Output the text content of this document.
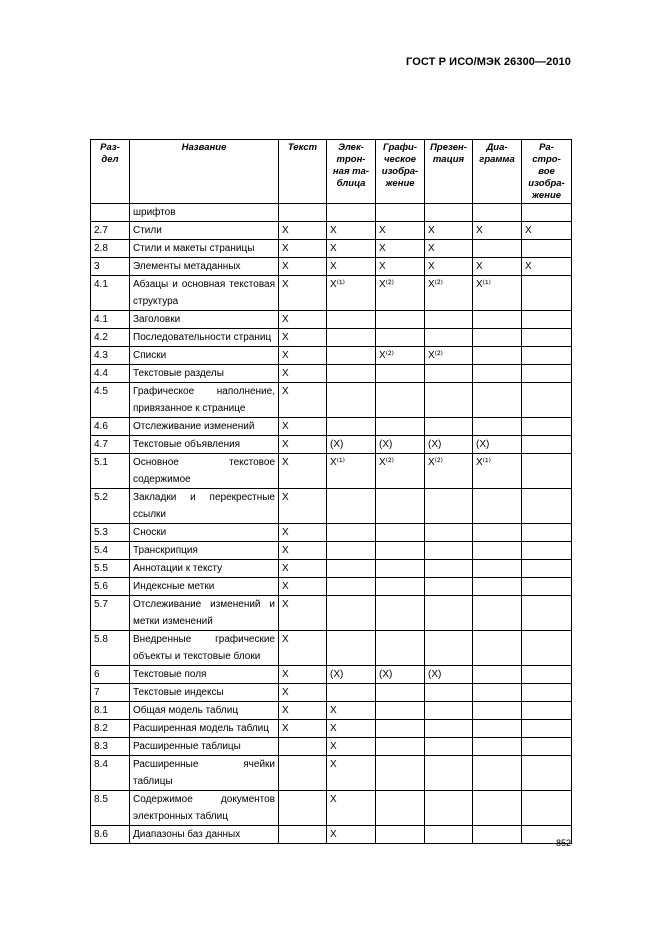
ГОСТ Р ИСО/МЭК 26300—2010
Раз-
дел	Название	Текст	Элек-
трон-
ная та-
блица	Графи-
ческое
изобра-
жение	Презен-
тация	Диа-
грамма	Ра-
стро-
вое
изобра-
жение
	шрифтов						
2.7	Стили	X	X	X	X	X	X
2.8	Стили и макеты страницы	X	X	X	X		
3	Элементы метаданных	X	X	X	X	X	X
4.1	Абзацы и основная текстовая структура	X	X⁽¹⁾	X⁽²⁾	X⁽²⁾	X⁽¹⁾	
4.1	Заголовки	X					
4.2	Последовательности страниц	X					
4.3	Списки	X		X⁽²⁾	X⁽²⁾		
4.4	Текстовые разделы	X					
4.5	Графическое наполнение, привязанное к странице	X					
4.6	Отслеживание изменений	X					
4.7	Текстовые объявления	X	(X)	(X)	(X)	(X)	
5.1	Основное текстовое содержимое	X	X⁽¹⁾	X⁽²⁾	X⁽²⁾	X⁽¹⁾	
5.2	Закладки и перекрестные ссылки	X					
5.3	Сноски	X					
5.4	Транскрипция	X					
5.5	Аннотации к тексту	X					
5.6	Индексные метки	X					
5.7	Отслеживание изменений и метки изменений	X					
5.8	Внедренные графические объекты и текстовые блоки	X					
6	Текстовые поля	X	(X)	(X)	(X)		
7	Текстовые индексы	X					
8.1	Общая модель таблиц	X	X				
8.2	Расширенная модель таблиц	X	X				
8.3	Расширенные таблицы		X				
8.4	Расширенные ячейки таблицы		X				
8.5	Содержимое документов электронных таблиц		X				
8.6	Диапазоны баз данных		X				
852
